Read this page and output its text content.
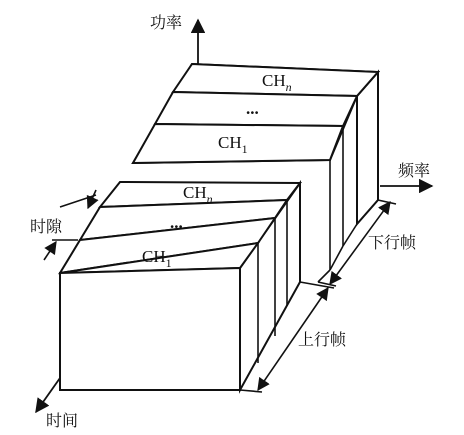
$CH_n$
...
$CH_1$
$CH_n$
...
$CH_1$
时隙
下行帧
上行帧
功率
频率
时间
